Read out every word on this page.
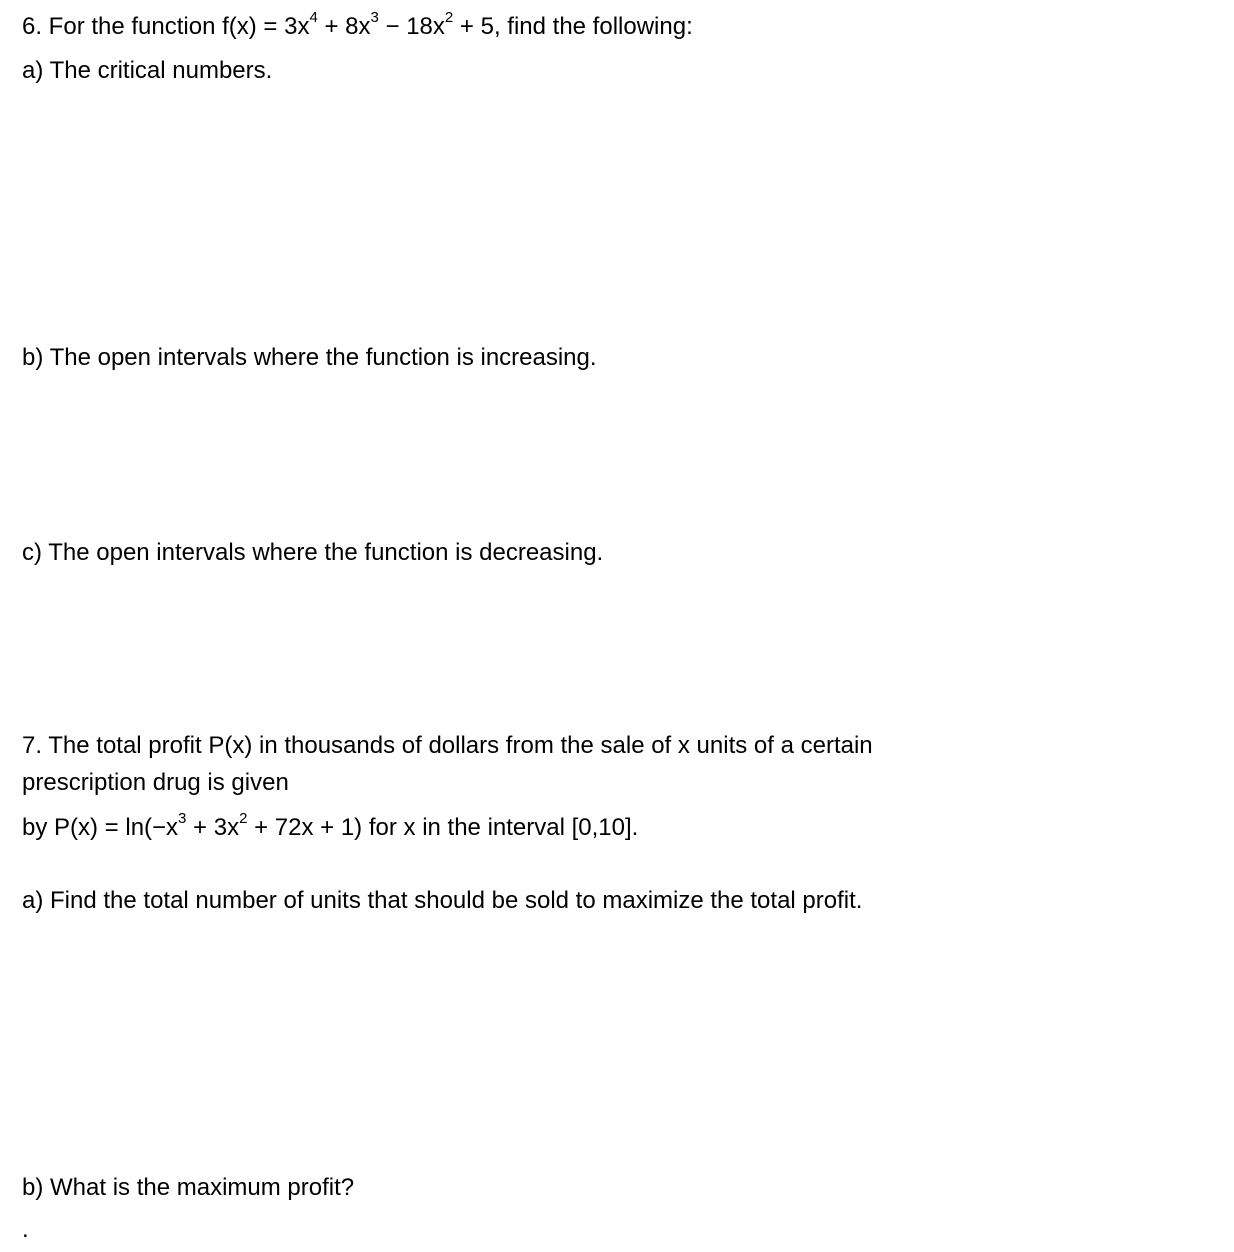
6. For the function $f(x) = 3x^4 + 8x^3 - 18x^2 + 5$, find the following:

a) The critical numbers.

b) The open intervals where the function is increasing.

c) The open intervals where the function is decreasing.

7. The total profit P(x) in thousands of dollars from the sale of x units of a certain

prescription drug is given

by $P(x) = \ln(-x^3 + 3x^2 + 72x + 1)$ for x in the interval [0,10].

a) Find the total number of units that should be sold to maximize the total profit.

b) What is the maximum profit?

.
